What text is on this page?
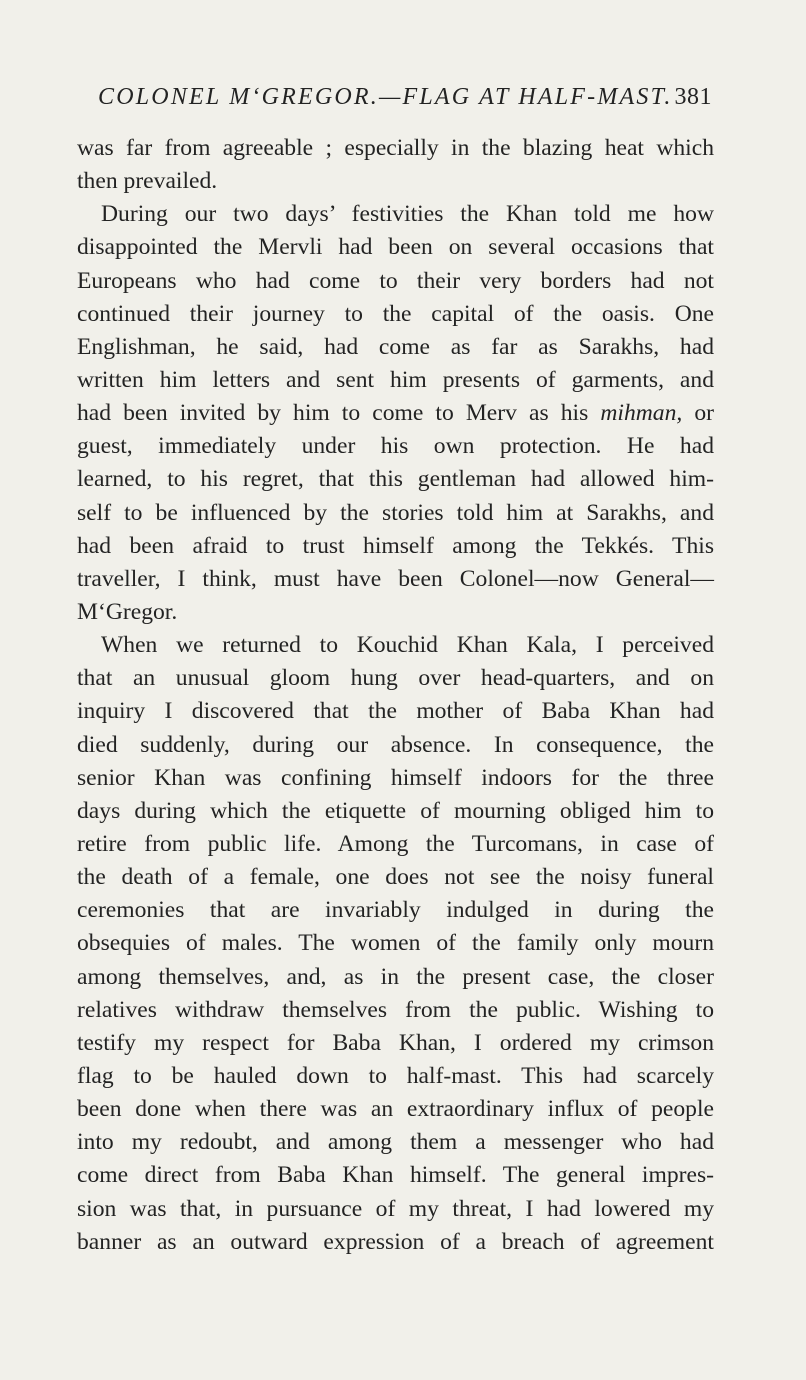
COLONEL M‘GREGOR.—FLAG AT HALF-MAST. 381
was far from agreeable ; especially in the blazing heat which
then prevailed.
During our two days’ festivities the Khan told me how
disappointed the Mervli had been on several occasions that
Europeans who had come to their very borders had not
continued their journey to the capital of the oasis. One
Englishman, he said, had come as far as Sarakhs, had
written him letters and sent him presents of garments, and
had been invited by him to come to Merv as his mihman, or
guest, immediately under his own protection. He had
learned, to his regret, that this gentleman had allowed him-
self to be influenced by the stories told him at Sarakhs, and
had been afraid to trust himself among the Tekkés. This
traveller, I think, must have been Colonel—now General—
M‘Gregor.
When we returned to Kouchid Khan Kala, I perceived
that an unusual gloom hung over head-quarters, and on
inquiry I discovered that the mother of Baba Khan had
died suddenly, during our absence. In consequence, the
senior Khan was confining himself indoors for the three
days during which the etiquette of mourning obliged him to
retire from public life. Among the Turcomans, in case of
the death of a female, one does not see the noisy funeral
ceremonies that are invariably indulged in during the
obsequies of males. The women of the family only mourn
among themselves, and, as in the present case, the closer
relatives withdraw themselves from the public. Wishing to
testify my respect for Baba Khan, I ordered my crimson
flag to be hauled down to half-mast. This had scarcely
been done when there was an extraordinary influx of people
into my redoubt, and among them a messenger who had
come direct from Baba Khan himself. The general impres-
sion was that, in pursuance of my threat, I had lowered my
banner as an outward expression of a breach of agreement
